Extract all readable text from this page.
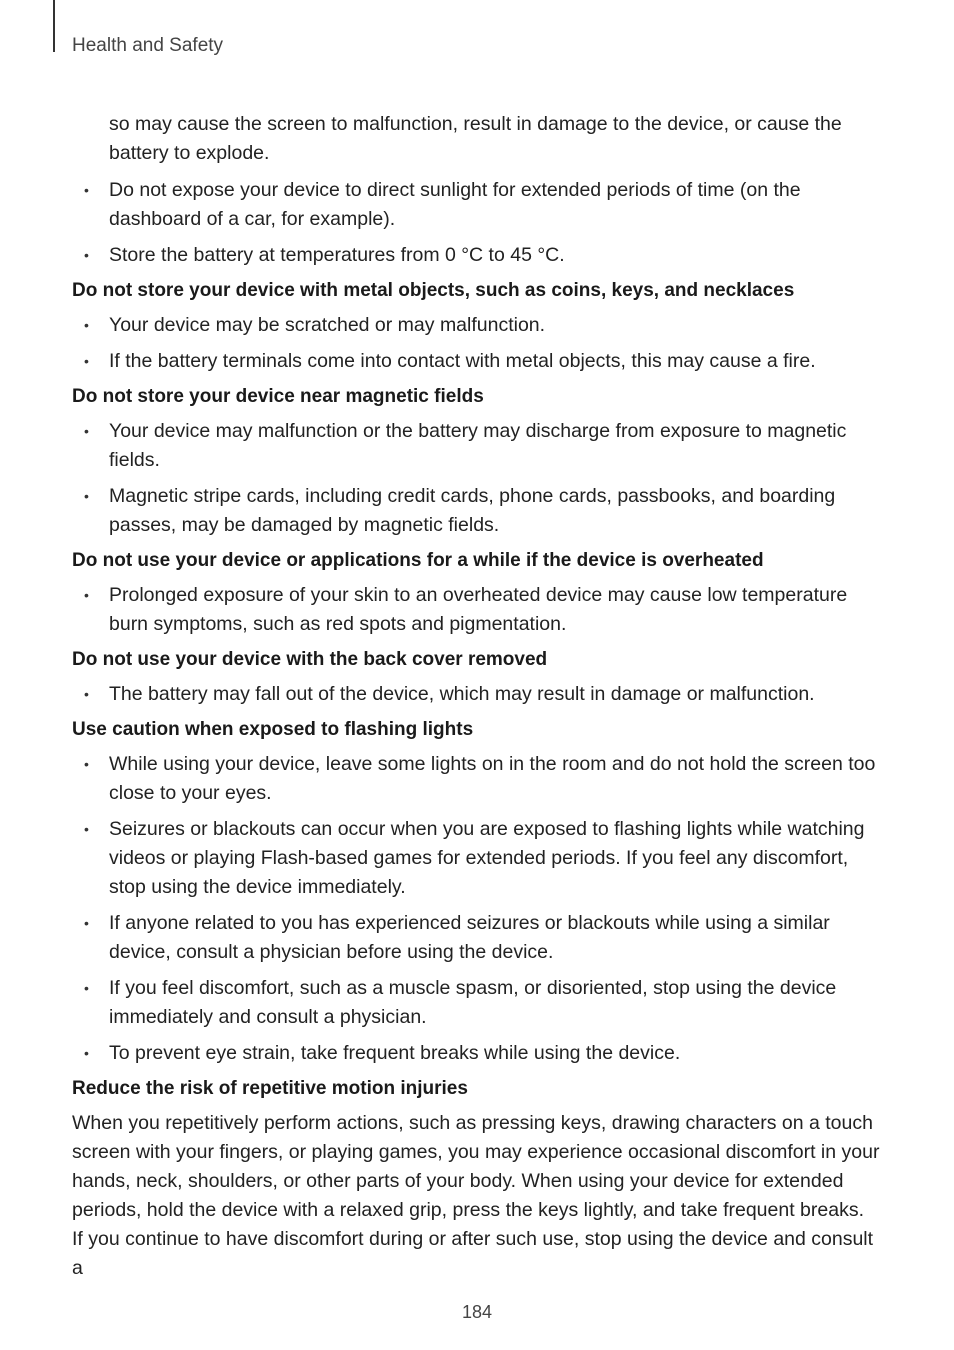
Health and Safety

so may cause the screen to malfunction, result in damage to the device, or cause the battery to explode.

• Do not expose your device to direct sunlight for extended periods of time (on the dashboard of a car, for example).
• Store the battery at temperatures from 0 °C to 45 °C.
Do not store your device with metal objects, such as coins, keys, and necklaces
• Your device may be scratched or may malfunction.
• If the battery terminals come into contact with metal objects, this may cause a fire.
Do not store your device near magnetic fields
• Your device may malfunction or the battery may discharge from exposure to magnetic fields.
• Magnetic stripe cards, including credit cards, phone cards, passbooks, and boarding passes, may be damaged by magnetic fields.
Do not use your device or applications for a while if the device is overheated
• Prolonged exposure of your skin to an overheated device may cause low temperature burn symptoms, such as red spots and pigmentation.
Do not use your device with the back cover removed
• The battery may fall out of the device, which may result in damage or malfunction.
Use caution when exposed to flashing lights
• While using your device, leave some lights on in the room and do not hold the screen too close to your eyes.
• Seizures or blackouts can occur when you are exposed to flashing lights while watching videos or playing Flash-based games for extended periods. If you feel any discomfort, stop using the device immediately.
• If anyone related to you has experienced seizures or blackouts while using a similar device, consult a physician before using the device.
• If you feel discomfort, such as a muscle spasm, or disoriented, stop using the device immediately and consult a physician.
• To prevent eye strain, take frequent breaks while using the device.
Reduce the risk of repetitive motion injuries

When you repetitively perform actions, such as pressing keys, drawing characters on a touch screen with your fingers, or playing games, you may experience occasional discomfort in your hands, neck, shoulders, or other parts of your body. When using your device for extended periods, hold the device with a relaxed grip, press the keys lightly, and take frequent breaks. If you continue to have discomfort during or after such use, stop using the device and consult a

184
